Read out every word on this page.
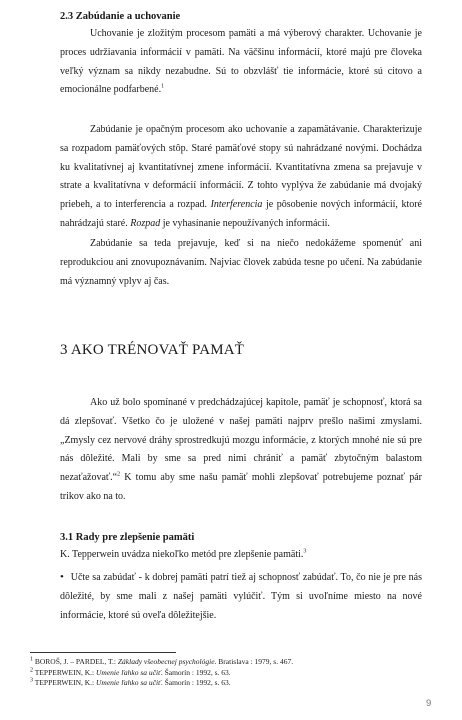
2.3 Zabúdanie a uchovanie
Uchovanie je zložitým procesom pamäti a má výberový charakter. Uchovanie je proces udržiavania informácií v pamäti. Na väčšinu informácií, ktoré majú pre človeka veľký význam sa nikdy nezabudne. Sú to obzvlášť tie informácie, ktoré sú citovo a emocionálne podfarbené.$^1$
Zabúdanie je opačným procesom ako uchovanie a zapamätávanie. Charakterizuje sa rozpadom pamäťových stôp. Staré pamäťové stopy sú nahrádzané novými. Dochádza ku kvalitatívnej aj kvantitatívnej zmene informácií. Kvantitatívna zmena sa prejavuje v strate a kvalitatívna v deformácií informácií. Z tohto vyplýva že zabúdanie má dvojaký priebeh, a to interferencia a rozpad. Interferencia je pôsobenie nových informácií, ktoré nahrádzajú staré. Rozpad je vyhasínanie nepoužívaných informácií.
Zabúdanie sa teda prejavuje, keď si na niečo nedokážeme spomenúť ani reprodukciou ani znovupoznávaním. Najviac človek zabúda tesne po učení. Na zabúdanie má významný vplyv aj čas.
3 AKO TRÉNOVAŤ PAMAŤ
Ako už bolo spomínané v predchádzajúcej kapitole, pamäť je schopnosť, ktorá sa dá zlepšovať. Všetko čo je uložené v našej pamäti najprv prešlo našimi zmyslami. „Zmysly cez nervové dráhy sprostredkujú mozgu informácie, z ktorých mnohé nie sú pre nás dôležité. Mali by sme sa pred nimi chrániť a pamäť zbytočným balastom nezaťažovať.“$^2$ K tomu aby sme našu pamäť mohli zlepšovať potrebujeme poznať pár trikov ako na to.
3.1 Rady pre zlepšenie pamäti
K. Tepperwein uvádza niekoľko metód pre zlepšenie pamäti.$^3$
• Učte sa zabúdať - k dobrej pamäti patrí tiež aj schopnosť zabúdať. To, čo nie je pre nás dôležité, by sme mali z našej pamäti vylúčiť. Tým si uvoľníme miesto na nové informácie, ktoré sú oveľa dôležitejšie.
$^1$ BOROŠ, J. – PARDEL, T.: Základy všeobecnej psychológie. Bratislava : 1979, s. 467.
$^2$ TEPPERWEIN, K.: Umenie ľahko sa učiť. Šamorín : 1992, s. 63.
$^3$ TEPPERWEIN, K.: Umenie ľahko sa učiť. Šamorín : 1992, s. 63.
9
